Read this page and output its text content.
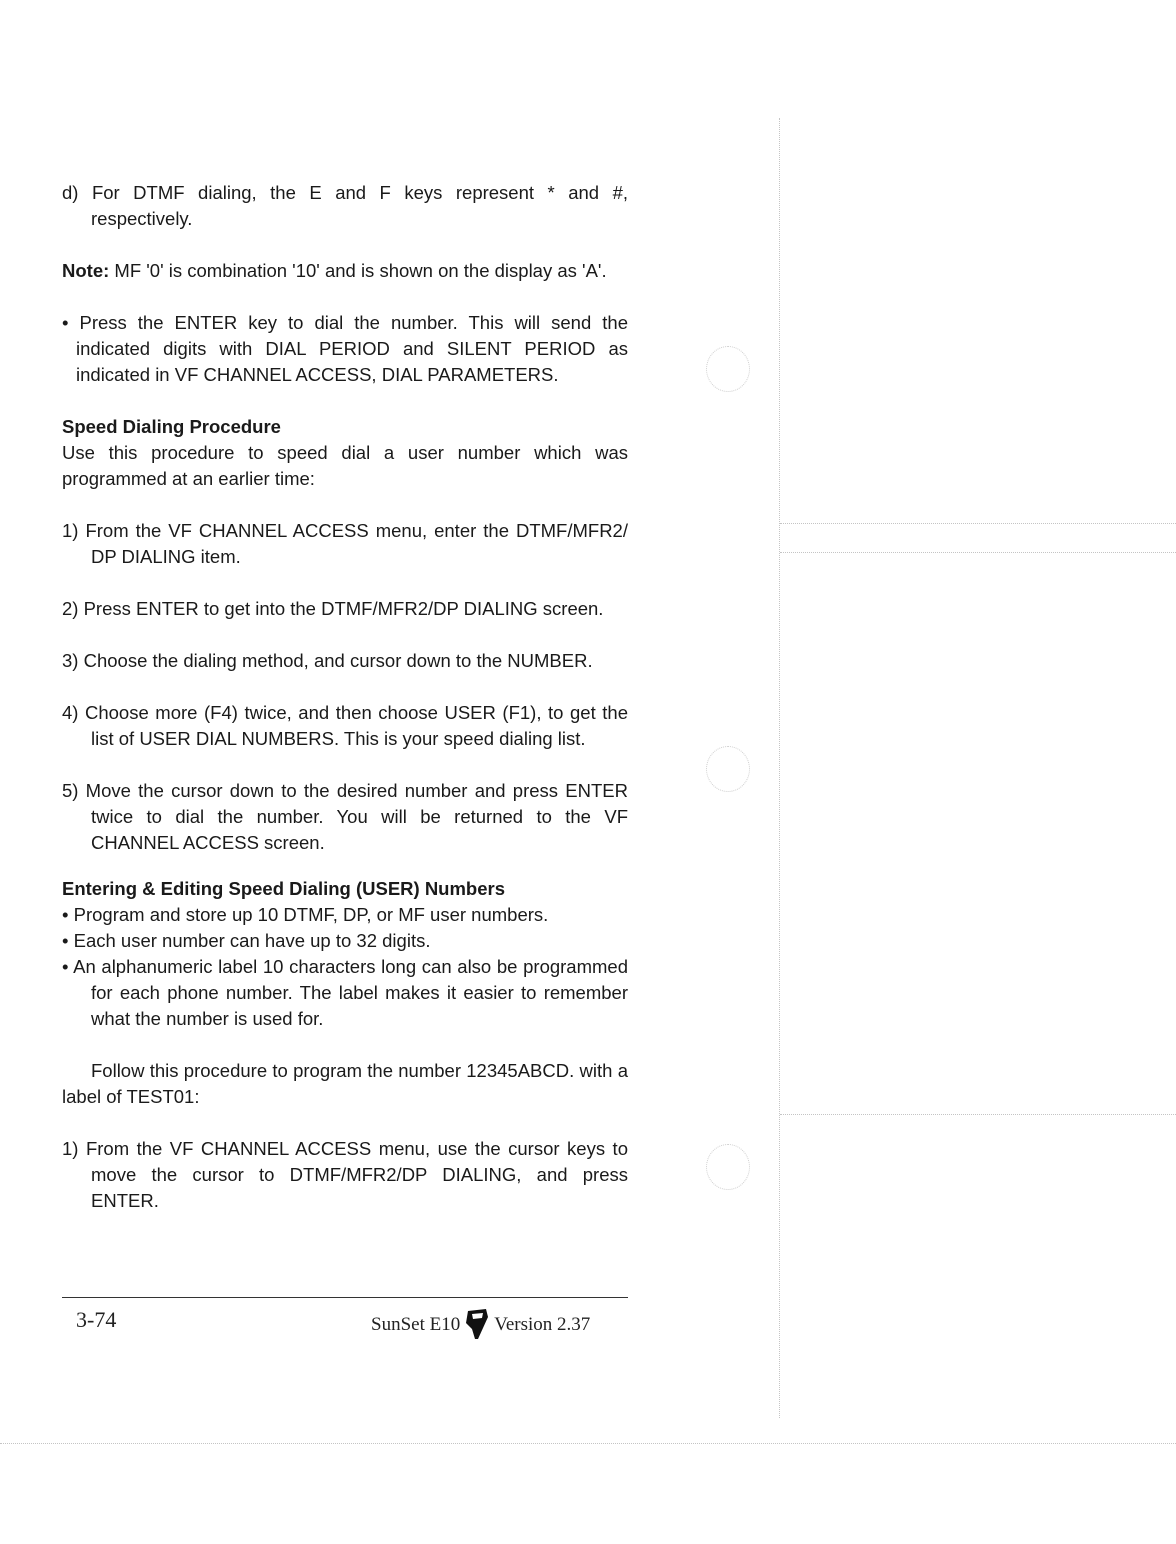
d) For DTMF dialing, the E and F keys represent * and #, respectively.

Note: MF '0' is combination '10' and is shown on the display as 'A'.

• Press the ENTER key to dial the number. This will send the indicated digits with DIAL PERIOD and SILENT PERIOD as indicated in VF CHANNEL ACCESS, DIAL PARAMETERS.

Speed Dialing Procedure

Use this procedure to speed dial a user number which was programmed at an earlier time:

1) From the VF CHANNEL ACCESS menu, enter the DTMF/MFR2/ DP DIALING item.

2) Press ENTER to get into the DTMF/MFR2/DP DIALING screen.

3) Choose the dialing method, and cursor down to the NUMBER.

4) Choose more (F4) twice, and then choose USER (F1), to get the list of USER DIAL NUMBERS. This is your speed dialing list.

5) Move the cursor down to the desired number and press ENTER twice to dial the number. You will be returned to the VF CHANNEL ACCESS screen.

Entering & Editing Speed Dialing (USER) Numbers

• Program and store up 10 DTMF, DP, or MF user numbers.

• Each user number can have up to 32 digits.

• An alphanumeric label 10 characters long can also be programmed for each phone number. The label makes it easier to remember what the number is used for.

Follow this procedure to program the number 12345ABCD. with a label of TEST01:

1) From the VF CHANNEL ACCESS menu, use the cursor keys to move the cursor to DTMF/MFR2/DP DIALING, and press ENTER.

3-74	SunSet E10 Version 2.37
